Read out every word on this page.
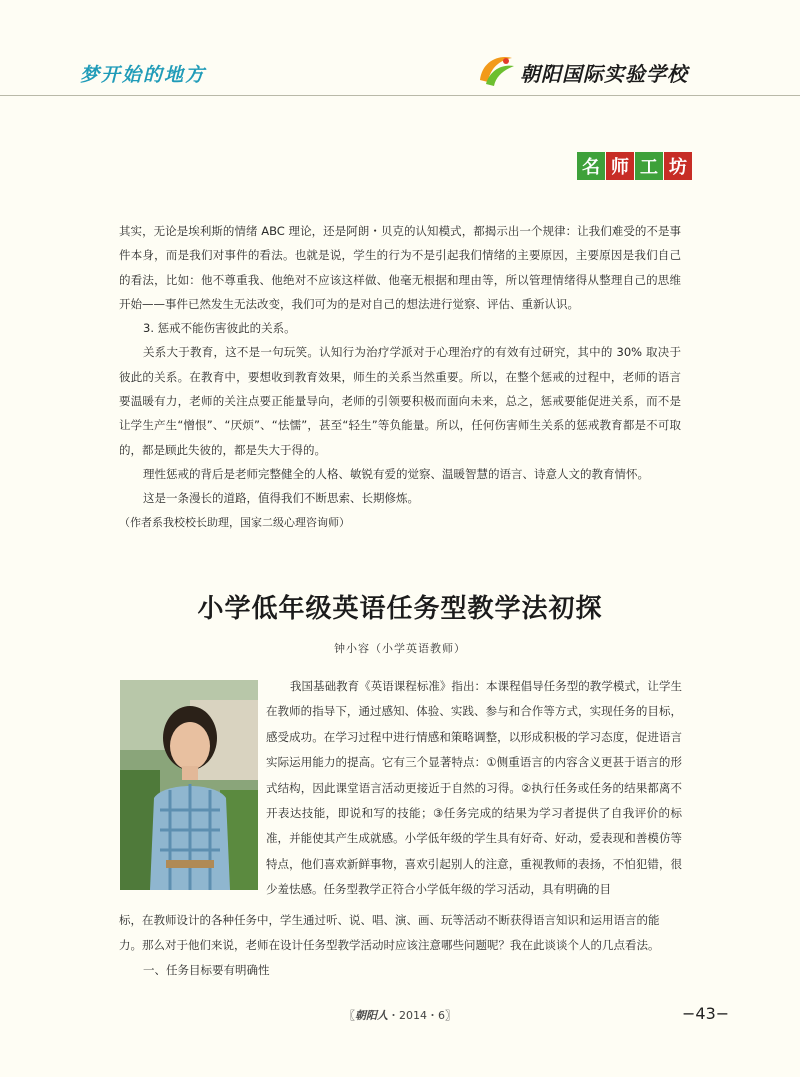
梦开始的地方	朝阳国际实验学校
名 师 工 坊

其实，无论是埃利斯的情绪 ABC 理论，还是阿朗・贝克的认知模式，都揭示出一个规律：让我们难受的不是事件本身，而是我们对事件的看法。也就是说，学生的行为不是引起我们情绪的主要原因，主要原因是我们自己的看法，比如：他不尊重我、他绝对不应该这样做、他毫无根据和理由等，所以管理情绪得从整理自己的思维开始——事件已然发生无法改变，我们可为的是对自己的想法进行觉察、评估、重新认识。

3. 惩戒不能伤害彼此的关系。

关系大于教育，这不是一句玩笑。认知行为治疗学派对于心理治疗的有效有过研究，其中的 30% 取决于彼此的关系。在教育中，要想收到教育效果，师生的关系当然重要。所以，在整个惩戒的过程中，老师的语言要温暖有力，老师的关注点要正能量导向，老师的引领要积极而面向未来，总之，惩戒要能促进关系，而不是让学生产生“憎恨”、“厌烦”、“怯懦”，甚至“轻生”等负能量。所以，任何伤害师生关系的惩戒教育都是不可取的，都是顾此失彼的，都是失大于得的。

理性惩戒的背后是老师完整健全的人格、敏锐有爱的觉察、温暖智慧的语言、诗意人文的教育情怀。

这是一条漫长的道路，值得我们不断思索、长期修炼。

（作者系我校校长助理，国家二级心理咨询师）

小学低年级英语任务型教学法初探
钟小容（小学英语教师）

我国基础教育《英语课程标准》指出：本课程倡导任务型的教学模式，让学生在教师的指导下，通过感知、体验、实践、参与和合作等方式，实现任务的目标，感受成功。在学习过程中进行情感和策略调整，以形成积极的学习态度，促进语言实际运用能力的提高。它有三个显著特点：①侧重语言的内容含义更甚于语言的形式结构，因此课堂语言活动更接近于自然的习得。②执行任务或任务的结果都离不开表达技能，即说和写的技能；③任务完成的结果为学习者提供了自我评价的标准，并能使其产生成就感。小学低年级的学生具有好奇、好动，爱表现和善模仿等特点，他们喜欢新鲜事物，喜欢引起别人的注意，重视教师的表扬，不怕犯错，很少羞怯感。任务型教学正符合小学低年级的学习活动，具有明确的目

标，在教师设计的各种任务中，学生通过听、说、唱、演、画、玩等活动不断获得语言知识和运用语言的能力。那么对于他们来说，老师在设计任务型教学活动时应该注意哪些问题呢？我在此谈谈个人的几点看法。

一、任务目标要有明确性

〖朝阳人・2014・6〗	−43−
